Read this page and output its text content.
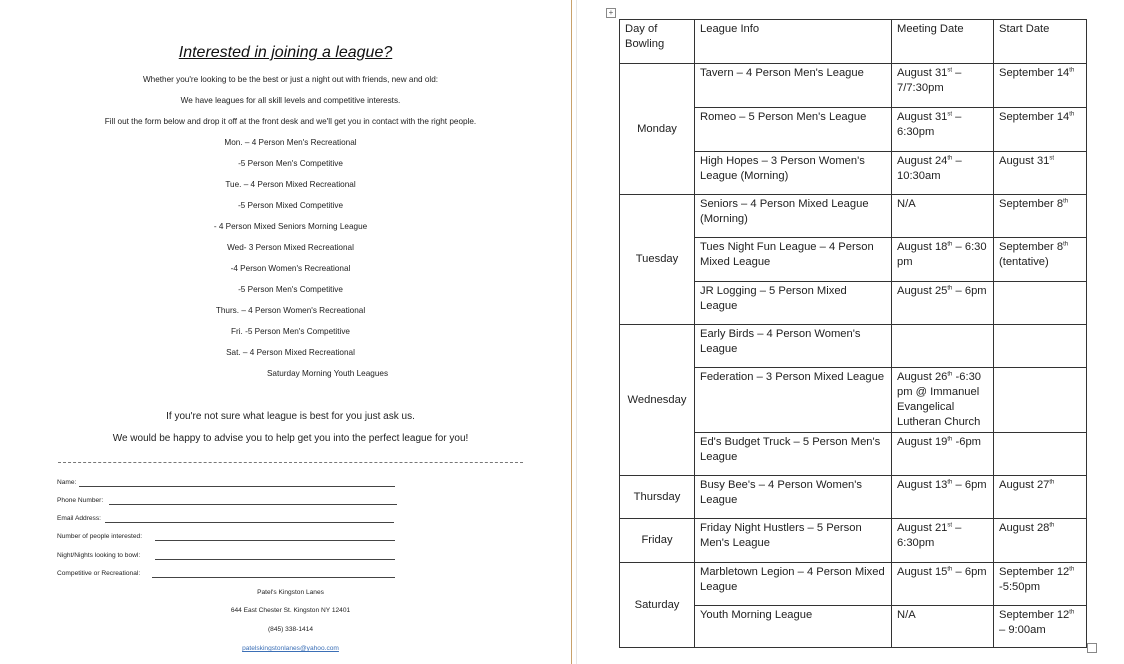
Interested in joining a league?
Whether you're looking to be the best or just a night out with friends, new and old:
We have leagues for all skill levels and competitive interests.
Fill out the form below and drop it off at the front desk and we'll get you in contact with the right people.
Mon. – 4 Person Men's Recreational
-5 Person Men's Competitive
Tue. – 4 Person Mixed Recreational
-5 Person Mixed Competitive
- 4 Person Mixed Seniors Morning League
Wed- 3 Person Mixed Recreational
-4 Person Women's Recreational
-5 Person Men's Competitive
Thurs. – 4 Person Women's Recreational
Fri. -5 Person Men's Competitive
Sat. – 4 Person Mixed Recreational
Saturday Morning Youth Leagues
If you're not sure what league is best for you just ask us.
We would be happy to advise you to help get you into the perfect league for you!
Name:
Phone Number:
Email Address:
Number of people interested:
Night/Nights looking to bowl:
Competitive or Recreational:
Patel's Kingston Lanes
644 East Chester St. Kingston NY 12401
(845) 338-1414
patelskingstonlanes@yahoo.com
+
Day of Bowling	League Info	Meeting Date	Start Date
Monday	Tavern – 4 Person Men's League	August 31st – 7/7:30pm	September 14th
	Romeo – 5 Person Men's League	August 31st – 6:30pm	September 14th
	High Hopes – 3 Person Women's League (Morning)	August 24th – 10:30am	August 31st
Tuesday	Seniors – 4 Person Mixed League (Morning)	N/A	September 8th
	Tues Night Fun League – 4 Person Mixed League	August 18th – 6:30 pm	September 8th (tentative)
	JR Logging – 5 Person Mixed League	August 25th – 6pm	
Wednesday	Early Birds – 4 Person Women's League		
	Federation – 3 Person Mixed League	August 26th -6:30 pm @ Immanuel Evangelical Lutheran Church	
	Ed's Budget Truck – 5 Person Men's League	August 19th -6pm	
Thursday	Busy Bee's – 4 Person Women's League	August 13th – 6pm	August 27th
Friday	Friday Night Hustlers – 5 Person Men's League	August 21st – 6:30pm	August 28th
Saturday	Marbletown Legion – 4 Person Mixed League	August 15th – 6pm	September 12th -5:50pm
	Youth Morning League	N/A	September 12th – 9:00am
